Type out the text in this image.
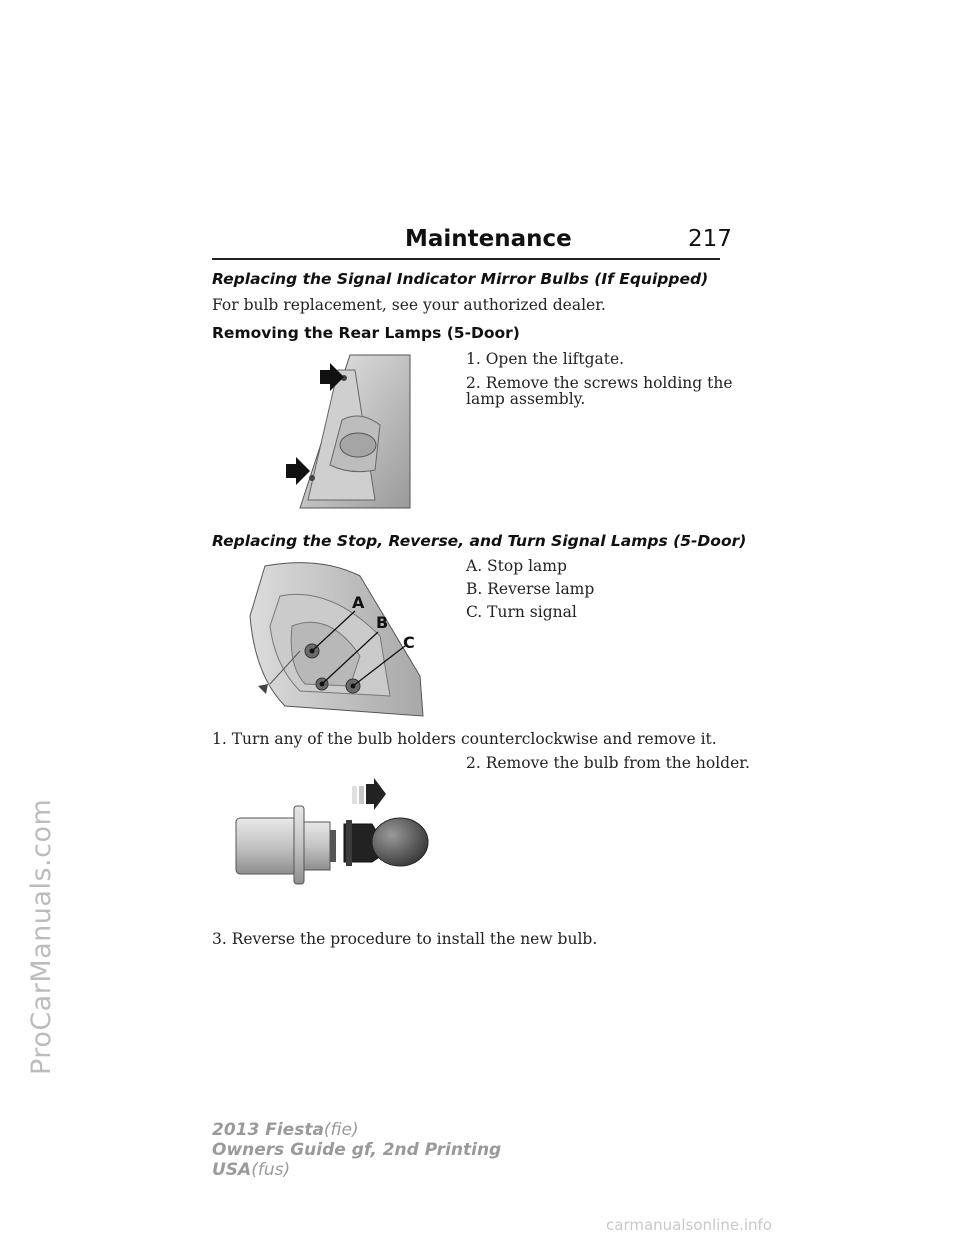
Maintenance	217
Replacing the Signal Indicator Mirror Bulbs (If Equipped)
For bulb replacement, see your authorized dealer.
Removing the Rear Lamps (5-Door)
1. Open the liftgate.
2. Remove the screws holding the
lamp assembly.
Replacing the Stop, Reverse, and Turn Signal Lamps (5-Door)
A. Stop lamp
B. Reverse lamp
C. Turn signal
A
B
C
1. Turn any of the bulb holders counterclockwise and remove it.
2. Remove the bulb from the holder.
3. Reverse the procedure to install the new bulb.
2013 Fiesta(fie)
Owners Guide gf, 2nd Printing
USA(fus)
ProCarManuals.com
carmanualsonline.info
